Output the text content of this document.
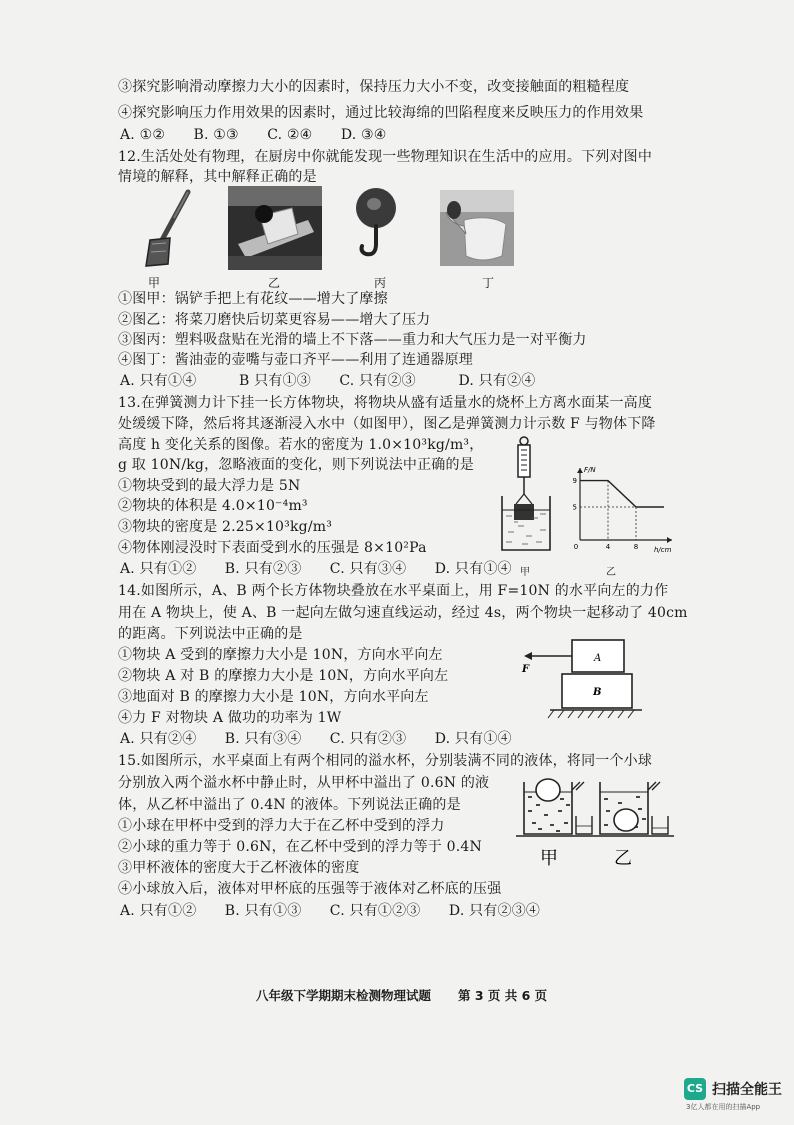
③探究影响滑动摩擦力大小的因素时，保持压力大小不变，改变接触面的粗糙程度
④探究影响压力作用效果的因素时，通过比较海绵的凹陷程度来反映压力的作用效果
A. ①②　　B. ①③　　C. ②④　　D. ③④
12.生活处处有物理，在厨房中你就能发现一些物理知识在生活中的应用。下列对图中
情境的解释，其中解释正确的是
甲	乙	丙	丁
①图甲：锅铲手把上有花纹——增大了摩擦
②图乙：将菜刀磨快后切菜更容易——增大了压力
③图丙：塑料吸盘贴在光滑的墙上不下落——重力和大气压力是一对平衡力
④图丁：酱油壶的壶嘴与壶口齐平——利用了连通器原理
A. 只有①④　　　B 只有①③　　C. 只有②③　　　D. 只有②④
13.在弹簧测力计下挂一长方体物块，将物块从盛有适量水的烧杯上方离水面某一高度
处缓缓下降，然后将其逐渐浸入水中（如图甲），图乙是弹簧测力计示数 F 与物体下降
高度 h 变化关系的图像。若水的密度为 1.0×10³kg/m³，
g 取 10N/kg，忽略液面的变化，则下列说法中正确的是
①物块受到的最大浮力是 5N
②物块的体积是 4.0×10⁻⁴m³
③物块的密度是 2.25×10³kg/m³
④物体刚浸没时下表面受到水的压强是 8×10²Pa
A. 只有①②　　B. 只有②③　　C. 只有③④　　D. 只有①④ 甲
F/N
h/cm
9
5
0	4	8
乙
14.如图所示，A、B 两个长方体物块叠放在水平桌面上，用 F=10N 的水平向左的力作
用在 A 物块上，使 A、B 一起向左做匀速直线运动，经过 4s，两个物块一起移动了 40cm
的距离。下列说法中正确的是
①物块 A 受到的摩擦力大小是 10N，方向水平向左
②物块 A 对 B 的摩擦力大小是 10N，方向水平向左
③地面对 B 的摩擦力大小是 10N，方向水平向左
④力 F 对物块 A 做功的功率为 1W
A. 只有②④　　B. 只有③④　　C. 只有②③　　D. 只有①④
A
B
F
15.如图所示，水平桌面上有两个相同的溢水杯，分别装满不同的液体，将同一个小球
分别放入两个溢水杯中静止时，从甲杯中溢出了 0.6N 的液
体，从乙杯中溢出了 0.4N 的液体。下列说法正确的是
①小球在甲杯中受到的浮力大于在乙杯中受到的浮力
②小球的重力等于 0.6N，在乙杯中受到的浮力等于 0.4N
③甲杯液体的密度大于乙杯液体的密度
④小球放入后，液体对甲杯底的压强等于液体对乙杯底的压强
A. 只有①②　　B. 只有①③　　C. 只有①②③　　D. 只有②③④
甲	乙
八年级下学期期末检测物理试题 第 3 页 共 6 页
CS 扫描全能王
3亿人都在用的扫描App
